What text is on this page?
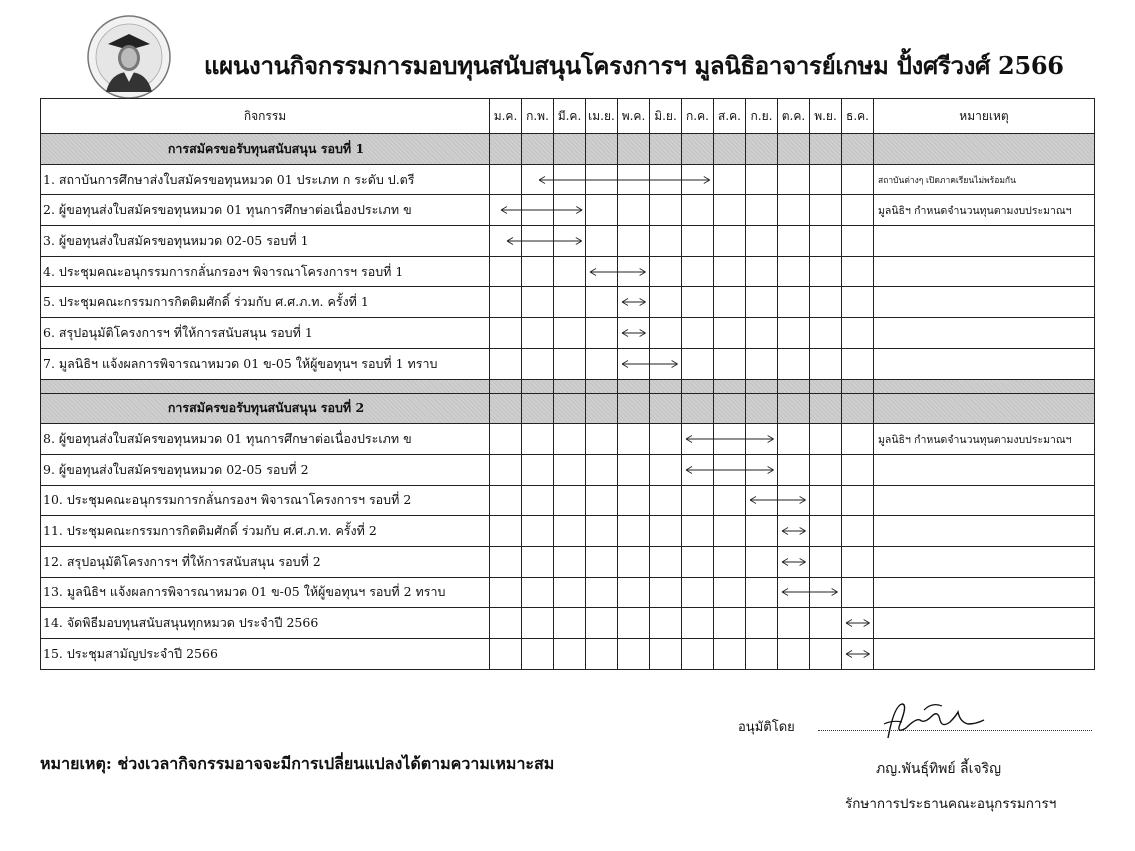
แผนงานกิจกรรมการมอบทุนสนับสนุนโครงการฯ มูลนิธิอาจารย์เกษม ปั้งศรีวงศ์ 2566
กิจกรรม	ม.ค.	ก.พ.	มี.ค.	เม.ย.	พ.ค.	มิ.ย.	ก.ค.	ส.ค.	ก.ย.	ต.ค.	พ.ย.	ธ.ค.	หมายเหตุ
การสมัครขอรับทุนสนับสนุน รอบที่ 1													
1. สถาบันการศึกษาส่งใบสมัครขอทุนหมวด 01 ประเภท ก ระดับ ป.ตรี													สถาบันต่างๆ เปิดภาคเรียนไม่พร้อมกัน
2. ผู้ขอทุนส่งใบสมัครขอทุนหมวด 01 ทุนการศึกษาต่อเนื่องประเภท ข													มูลนิธิฯ กำหนดจำนวนทุนตามงบประมาณฯ
3. ผู้ขอทุนส่งใบสมัครขอทุนหมวด 02-05 รอบที่ 1	

4. ประชุมคณะอนุกรรมการกลั่นกรองฯ พิจารณาโครงการฯ รอบที่ 1	

5. ประชุมคณะกรรมการกิตติมศักดิ์ ร่วมกับ ศ.ศ.ภ.ท. ครั้งที่ 1	

6. สรุปอนุมัติโครงการฯ ที่ให้การสนับสนุน รอบที่ 1	

7. มูลนิธิฯ แจ้งผลการพิจารณาหมวด 01 ข-05 ให้ผู้ขอทุนฯ รอบที่ 1 ทราบ	

การสมัครขอรับทุนสนับสนุน รอบที่ 2													
8. ผู้ขอทุนส่งใบสมัครขอทุนหมวด 01 ทุนการศึกษาต่อเนื่องประเภท ข													มูลนิธิฯ กำหนดจำนวนทุนตามงบประมาณฯ
9. ผู้ขอทุนส่งใบสมัครขอทุนหมวด 02-05 รอบที่ 2	

10. ประชุมคณะอนุกรรมการกลั่นกรองฯ พิจารณาโครงการฯ รอบที่ 2	

11. ประชุมคณะกรรมการกิตติมศักดิ์ ร่วมกับ ศ.ศ.ภ.ท. ครั้งที่ 2	

12. สรุปอนุมัติโครงการฯ ที่ให้การสนับสนุน รอบที่ 2	

13. มูลนิธิฯ แจ้งผลการพิจารณาหมวด 01 ข-05 ให้ผู้ขอทุนฯ รอบที่ 2 ทราบ	

14. จัดพิธีมอบทุนสนับสนุนทุกหมวด ประจำปี 2566	

15. ประชุมสามัญประจำปี 2566	

อนุมัติโดย
หมายเหตุ: ช่วงเวลากิจกรรมอาจจะมีการเปลี่ยนแปลงได้ตามความเหมาะสม	ภญ.พันธุ์ทิพย์ ลี้เจริญ
รักษาการประธานคณะอนุกรรมการฯ
